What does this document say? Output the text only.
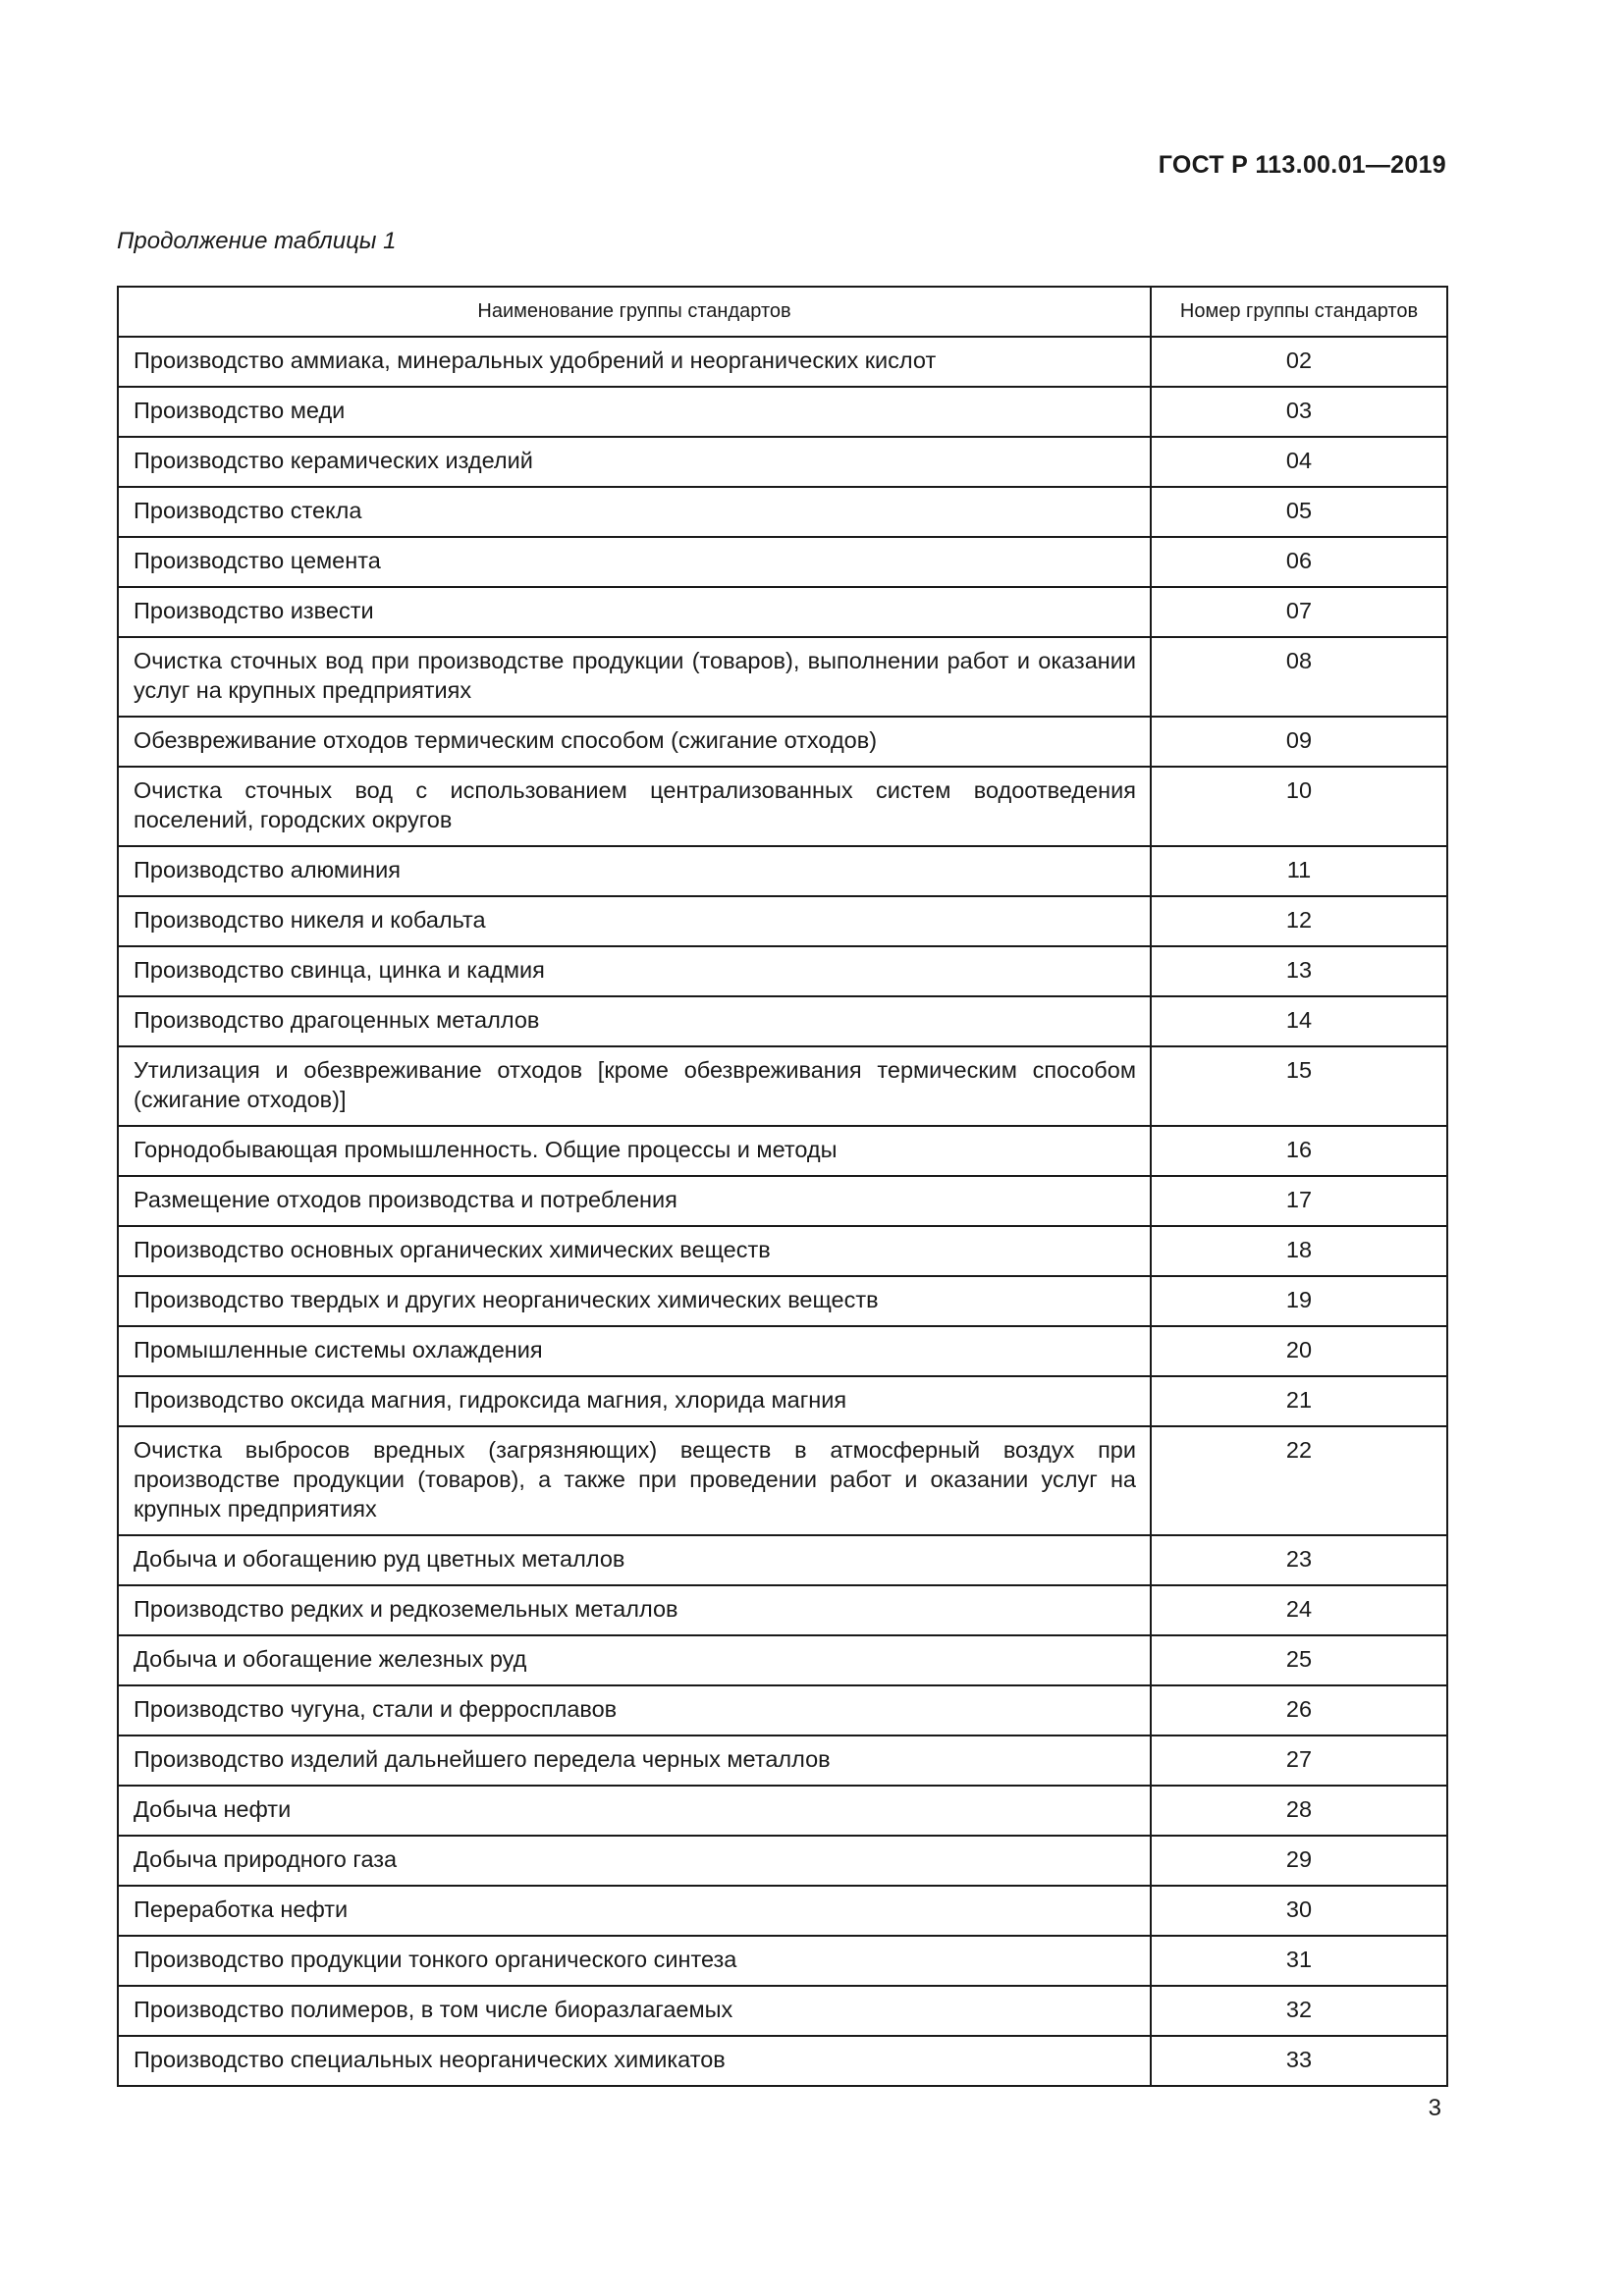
ГОСТ Р 113.00.01—2019
Продолжение таблицы 1
Наименование группы стандартов	Номер группы стандартов
Производство аммиака, минеральных удобрений и неорганических кислот	02
Производство меди	03
Производство керамических изделий	04
Производство стекла	05
Производство цемента	06
Производство извести	07
Очистка сточных вод при производстве продукции (товаров), выполнении работ и оказании услуг на крупных предприятиях	08
Обезвреживание отходов термическим способом (сжигание отходов)	09
Очистка сточных вод с использованием централизованных систем водоотведения поселений, городских округов	10
Производство алюминия	11
Производство никеля и кобальта	12
Производство свинца, цинка и кадмия	13
Производство драгоценных металлов	14
Утилизация и обезвреживание отходов [кроме обезвреживания термическим способом (сжигание отходов)]	15
Горнодобывающая промышленность. Общие процессы и методы	16
Размещение отходов производства и потребления	17
Производство основных органических химических веществ	18
Производство твердых и других неорганических химических веществ	19
Промышленные системы охлаждения	20
Производство оксида магния, гидроксида магния, хлорида магния	21
Очистка выбросов вредных (загрязняющих) веществ в атмосферный воздух при производстве продукции (товаров), а также при проведении работ и оказании услуг на крупных предприятиях	22
Добыча и обогащению руд цветных металлов	23
Производство редких и редкоземельных металлов	24
Добыча и обогащение железных руд	25
Производство чугуна, стали и ферросплавов	26
Производство изделий дальнейшего передела черных металлов	27
Добыча нефти	28
Добыча природного газа	29
Переработка нефти	30
Производство продукции тонкого органического синтеза	31
Производство полимеров, в том числе биоразлагаемых	32
Производство специальных неорганических химикатов	33
3
